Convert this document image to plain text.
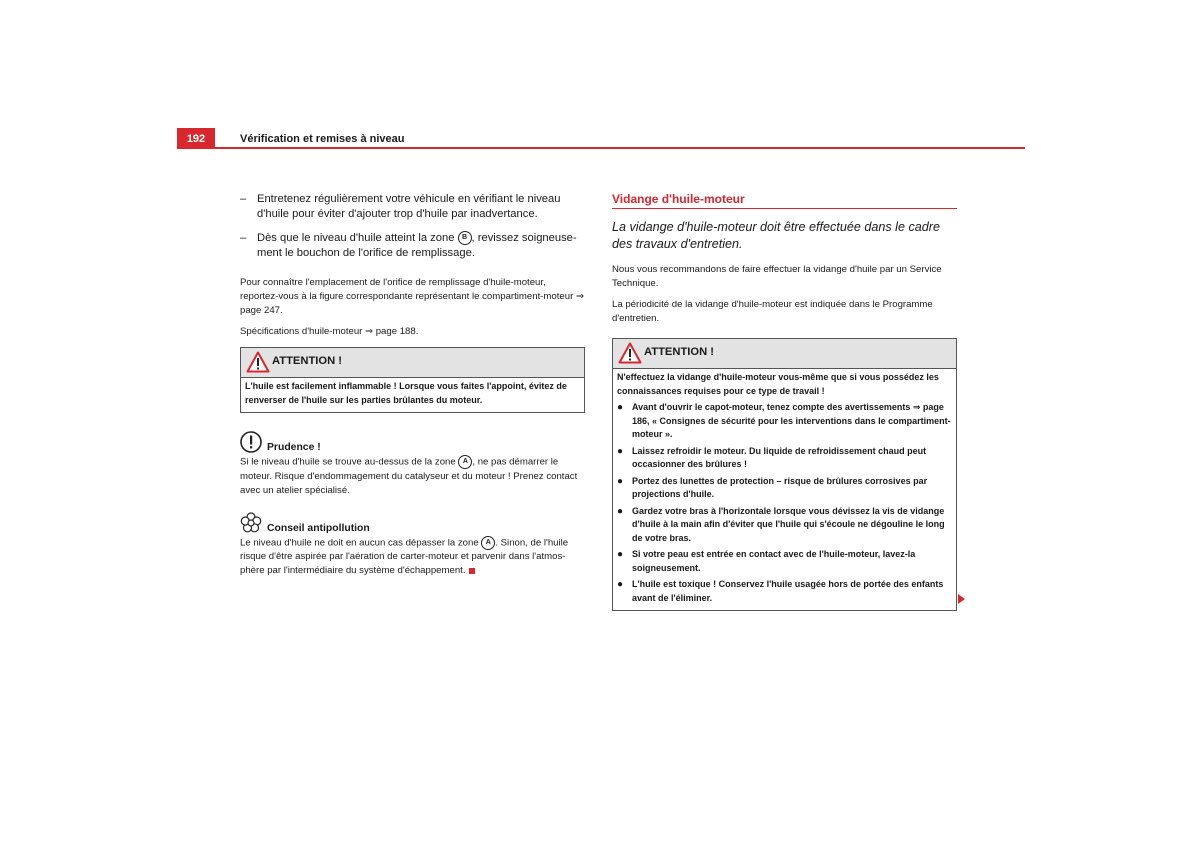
192	Vérification et remises à niveau
– Entretenez régulièrement votre véhicule en vérifiant le niveau d'huile pour éviter d'ajouter trop d'huile par inadvertance.
– Dès que le niveau d'huile atteint la zone B , revissez soigneuse-ment le bouchon de l'orifice de remplissage.

Pour connaître l'emplacement de l'orifice de remplissage d'huile-moteur, reportez-vous à la figure correspondante représentant le compartiment-moteur ⇒ page 247.

Spécifications d'huile-moteur ⇒ page 188.

ATTENTION !

L'huile est facilement inflammable ! Lorsque vous faites l'appoint, évitez de renverser de l'huile sur les parties brûlantes du moteur.

Prudence !

Si le niveau d'huile se trouve au-dessus de la zone A , ne pas démarrer le moteur. Risque d'endommagement du catalyseur et du moteur ! Prenez contact avec un atelier spécialisé.

Conseil antipollution

Le niveau d'huile ne doit en aucun cas dépasser la zone A . Sinon, de l'huile risque d'être aspirée par l'aération de carter-moteur et parvenir dans l'atmos-phère par l'intermédiaire du système d'échappement.

Vidange d'huile-moteur
La vidange d'huile-moteur doit être effectuée dans le cadre des travaux d'entretien.

Nous vous recommandons de faire effectuer la vidange d'huile par un Service Technique.

La périodicité de la vidange d'huile-moteur est indiquée dans le Programme d'entretien.

ATTENTION !

N'effectuez la vidange d'huile-moteur vous-même que si vous possédez les connaissances requises pour ce type de travail !

● Avant d'ouvrir le capot-moteur, tenez compte des avertissements ⇒ page 186, « Consignes de sécurité pour les interventions dans le compartiment-moteur ».

● Laissez refroidir le moteur. Du liquide de refroidissement chaud peut occasionner des brûlures !

● Portez des lunettes de protection – risque de brûlures corrosives par projections d'huile.

● Gardez votre bras à l'horizontale lorsque vous dévissez la vis de vidange d'huile à la main afin d'éviter que l'huile qui s'écoule ne dégouline le long de votre bras.

● Si votre peau est entrée en contact avec de l'huile-moteur, lavez-la soigneusement.

● L'huile est toxique ! Conservez l'huile usagée hors de portée des enfants avant de l'éliminer.
